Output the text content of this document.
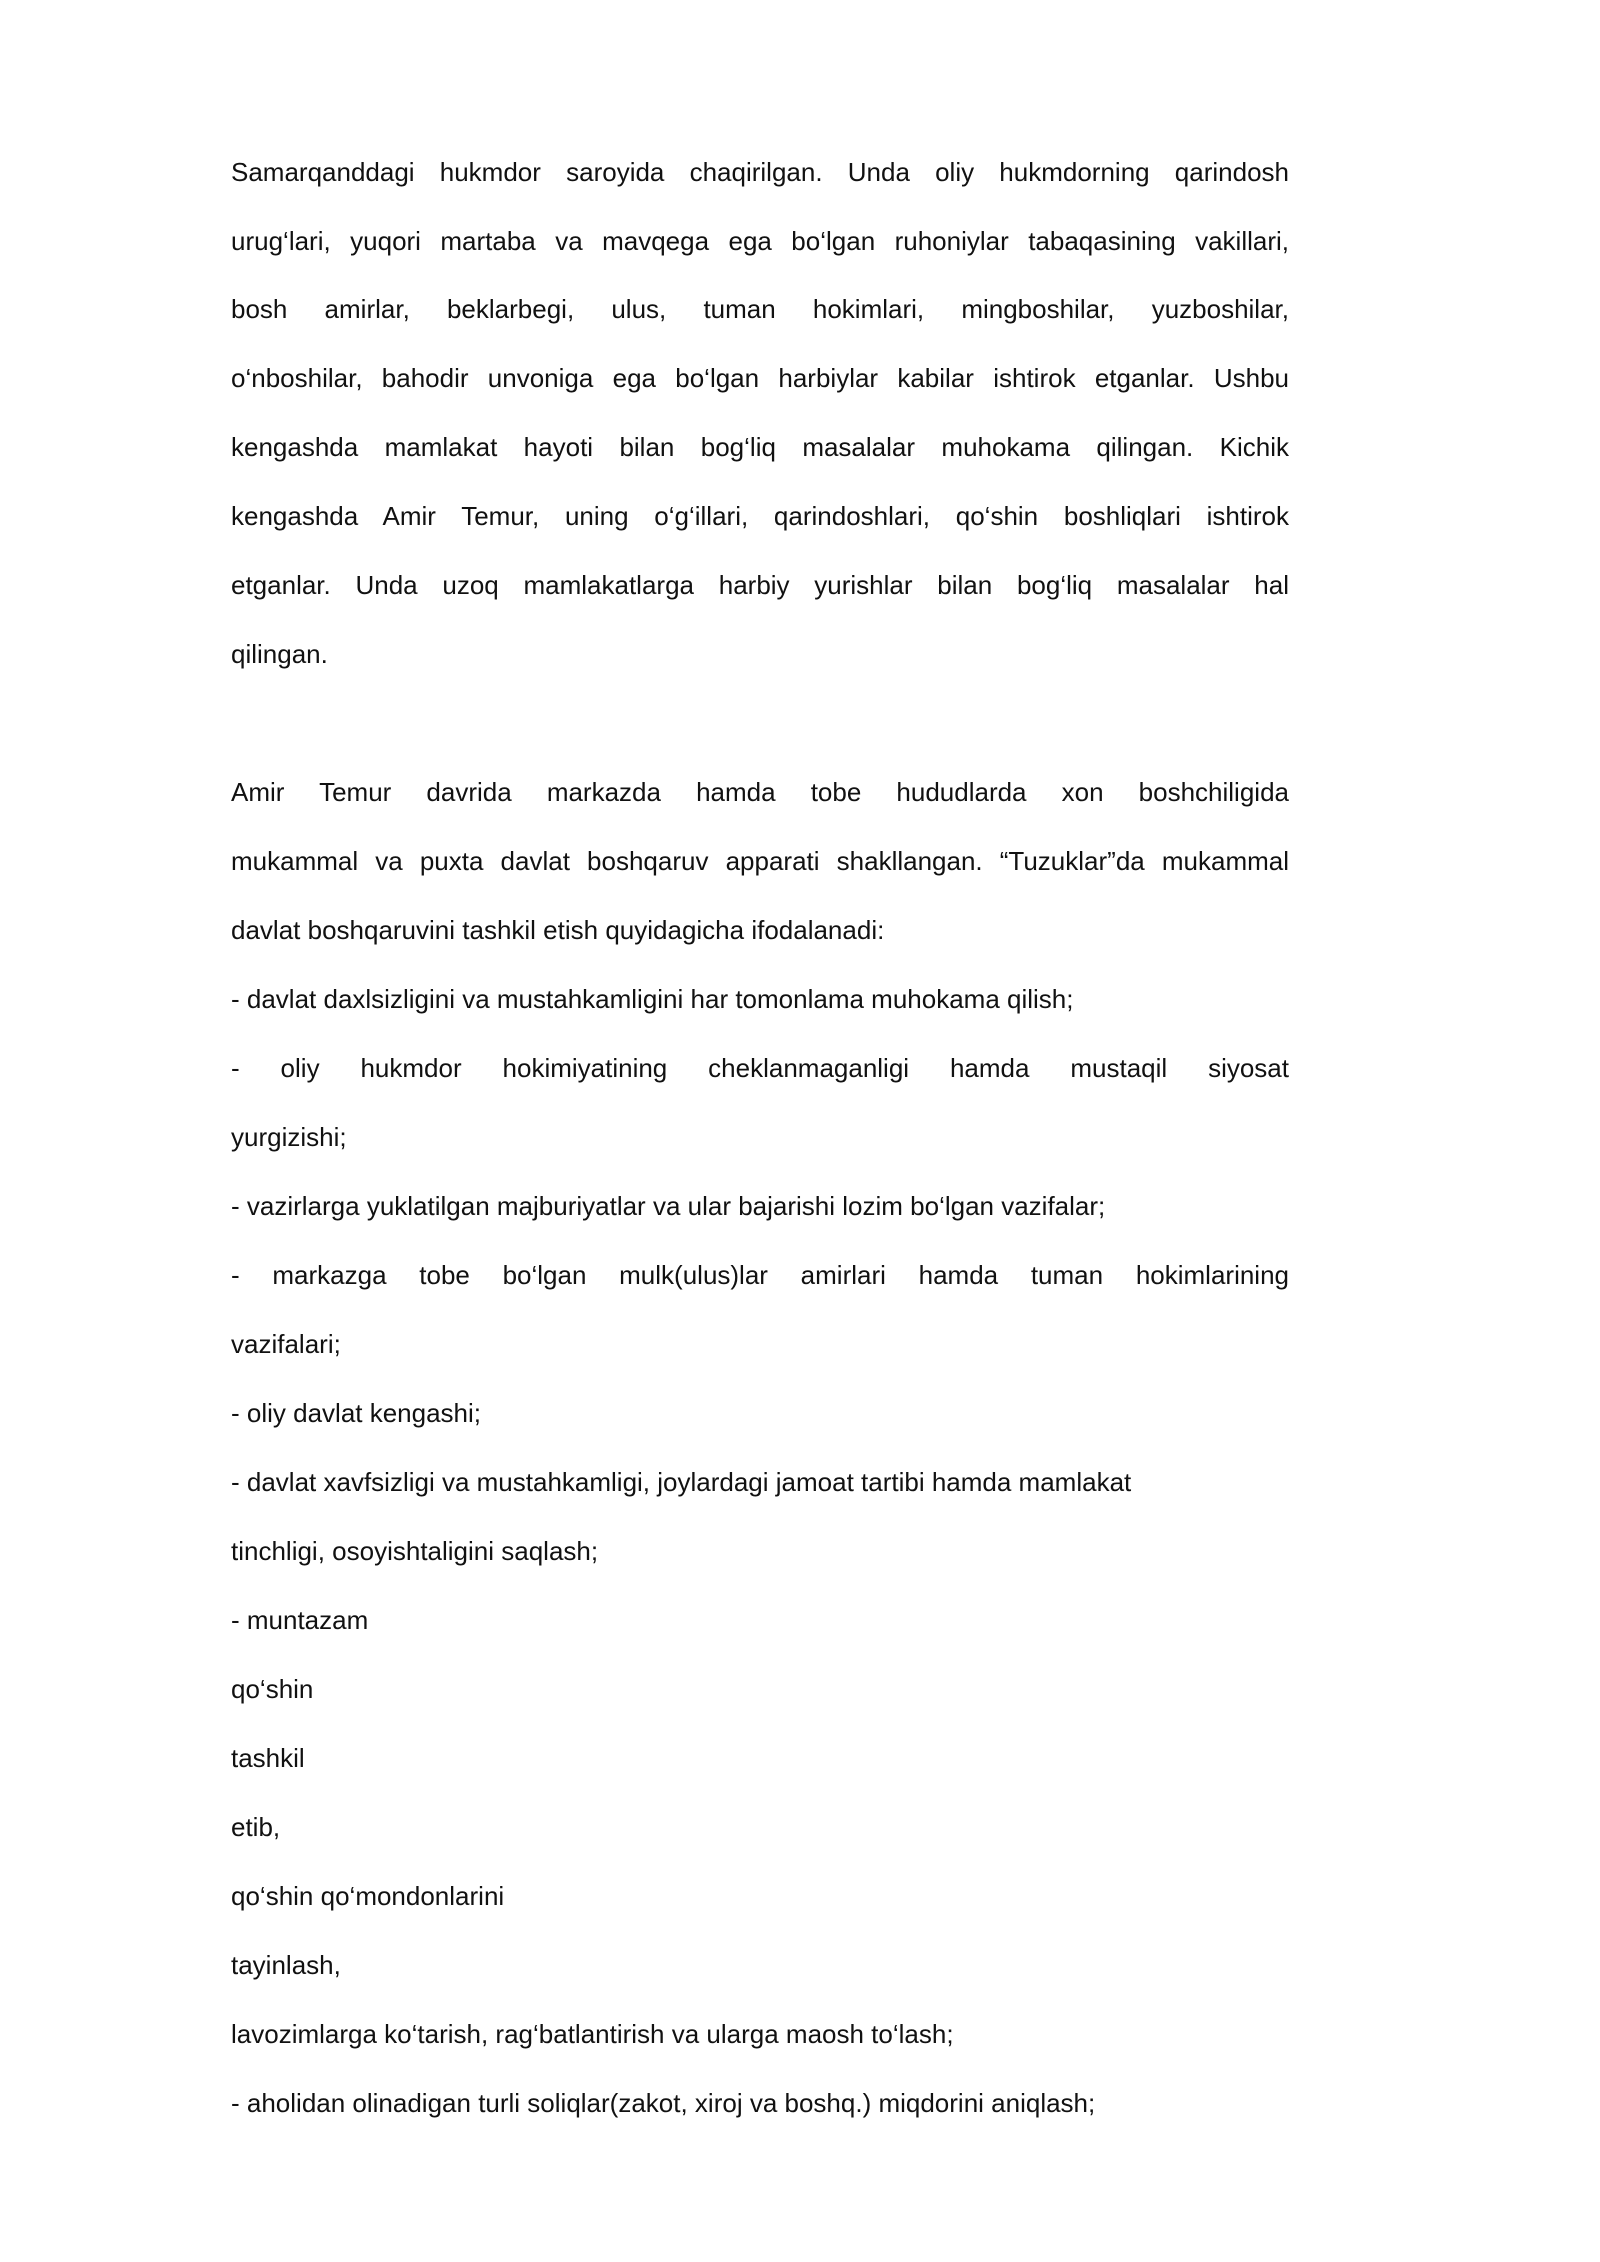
Samarqanddagi hukmdor saroyida chaqirilgan. Unda oliy hukmdorning qarindosh

urug‘lari, yuqori martaba va mavqega ega bo‘lgan ruhoniylar tabaqasining vakillari,

bosh amirlar, beklarbegi, ulus, tuman hokimlari, mingboshilar, yuzboshilar,

o‘nboshilar, bahodir unvoniga ega bo‘lgan harbiylar kabilar ishtirok etganlar. Ushbu

kengashda mamlakat hayoti bilan bog‘liq masalalar muhokama qilingan. Kichik

kengashda Amir Temur, uning o‘g‘illari, qarindoshlari, qo‘shin boshliqlari ishtirok

etganlar. Unda uzoq mamlakatlarga harbiy yurishlar bilan bog‘liq masalalar hal

qilingan.

Amir Temur davrida markazda hamda tobe hududlarda xon boshchiligida

mukammal va puxta davlat boshqaruv apparati shakllangan. “Tuzuklar”da mukammal

davlat boshqaruvini tashkil etish quyidagicha ifodalanadi:

- davlat daxlsizligini va mustahkamligini har tomonlama muhokama qilish;

- oliy hukmdor hokimiyatining cheklanmaganligi hamda mustaqil siyosat

yurgizishi;

- vazirlarga yuklatilgan majburiyatlar va ular bajarishi lozim bo‘lgan vazifalar;

- markazga tobe bo‘lgan mulk(ulus)lar amirlari hamda tuman hokimlarining

vazifalari;

- oliy davlat kengashi;

- davlat xavfsizligi va mustahkamligi, joylardagi jamoat tartibi hamda mamlakat

tinchligi, osoyishtaligini saqlash;

- muntazam

qo‘shin

tashkil

etib,

qo‘shin qo‘mondonlarini

tayinlash,

lavozimlarga ko‘tarish, rag‘batlantirish va ularga maosh to‘lash;

- aholidan olinadigan turli soliqlar(zakot, xiroj va boshq.) miqdorini aniqlash;
